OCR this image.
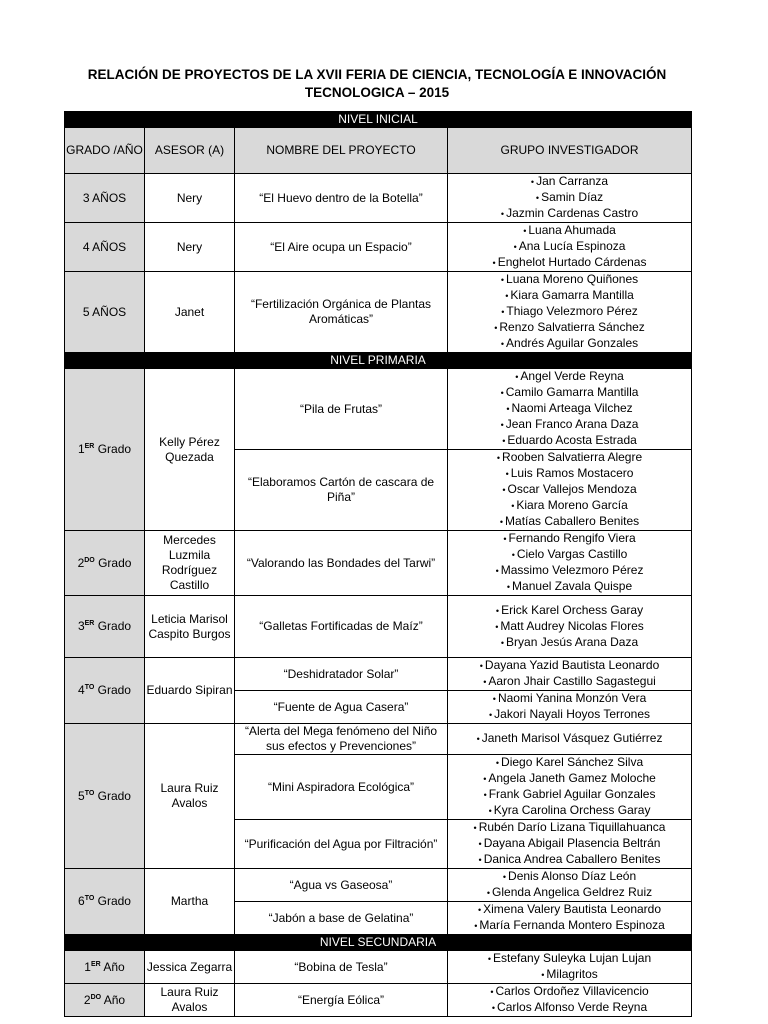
RELACIÓN DE PROYECTOS DE LA XVII FERIA DE CIENCIA, TECNOLOGÍA E INNOVACIÓN
TECNOLOGICA – 2015
NIVEL INICIAL			
GRADO /AÑO	ASESOR (A)	NOMBRE DEL PROYECTO	GRUPO INVESTIGADOR
3 AÑOS	Nery	“El Huevo dentro de la Botella”	• Jan Carranza
• Samin Díaz
• Jazmin Cardenas Castro

4 AÑOS	Nery	“El Aire ocupa un Espacio”	• Luana Ahumada
• Ana Lucía Espinoza
• Enghelot Hurtado Cárdenas

5 AÑOS	Janet	“Fertilización Orgánica de Plantas Aromáticas”	• Luana Moreno Quiñones
• Kiara Gamarra Mantilla
• Thiago Velezmoro Pérez
• Renzo Salvatierra Sánchez
• Andrés Aguilar Gonzales

NIVEL PRIMARIA			
1ER Grado	Kelly Pérez Quezada	“Pila de Frutas”	• Angel Verde Reyna
• Camilo Gamarra Mantilla
• Naomi Arteaga Vilchez
• Jean Franco Arana Daza
• Eduardo Acosta Estrada

		“Elaboramos Cartón de cascara de Piña”	• Rooben Salvatierra Alegre
• Luis Ramos Mostacero
• Oscar Vallejos Mendoza
• Kiara Moreno García
• Matías Caballero Benites

$2^{DO}$ Grado	Mercedes Luzmila Rodríguez Castillo	“Valorando las Bondades del Tarwi”	• Fernando Rengifo Viera
• Cielo Vargas Castillo
• Massimo Velezmoro Pérez
• Manuel Zavala Quispe

3ER Grado	Leticia Marisol Caspito Burgos	“Galletas Fortificadas de Maíz”	• Erick Karel Orchess Garay
• Matt Audrey Nicolas Flores
• Bryan Jesús Arana Daza

$4^{TO}$ Grado	Eduardo Sipiran	“Deshidratador Solar”	• Dayana Yazid Bautista Leonardo
• Aaron Jhair Castillo Sagastegui

		“Fuente de Agua Casera”	• Naomi Yanina Monzón Vera
• Jakori Nayali Hoyos Terrones

$5^{TO}$ Grado	Laura Ruiz Avalos	“Alerta del Mega fenómeno del Niño sus efectos y Prevenciones”	• Janeth Marisol Vásquez Gutiérrez

		“Mini Aspiradora Ecológica”	• Diego Karel Sánchez Silva
• Angela Janeth Gamez Moloche
• Frank Gabriel Aguilar Gonzales
• Kyra Carolina Orchess Garay

		“Purificación del Agua por Filtración”	• Rubén Darío Lizana Tiquillahuanca
• Dayana Abigail Plasencia Beltrán
• Danica Andrea Caballero Benites

$6^{TO}$ Grado	Martha	“Agua vs Gaseosa”	• Denis Alonso Díaz León
• Glenda Angelica Geldrez Ruiz

		“Jabón a base de Gelatina”	• Ximena Valery Bautista Leonardo
• María Fernanda Montero Espinoza

NIVEL SECUNDARIA			
1ER Año	Jessica Zegarra	“Bobina de Tesla”	• Estefany Suleyka Lujan Lujan
• Milagritos

$2^{DO}$ Año	Laura Ruiz Avalos	“Energía Eólica”	• Carlos Ordoñez Villavicencio
• Carlos Alfonso Verde Reyna
